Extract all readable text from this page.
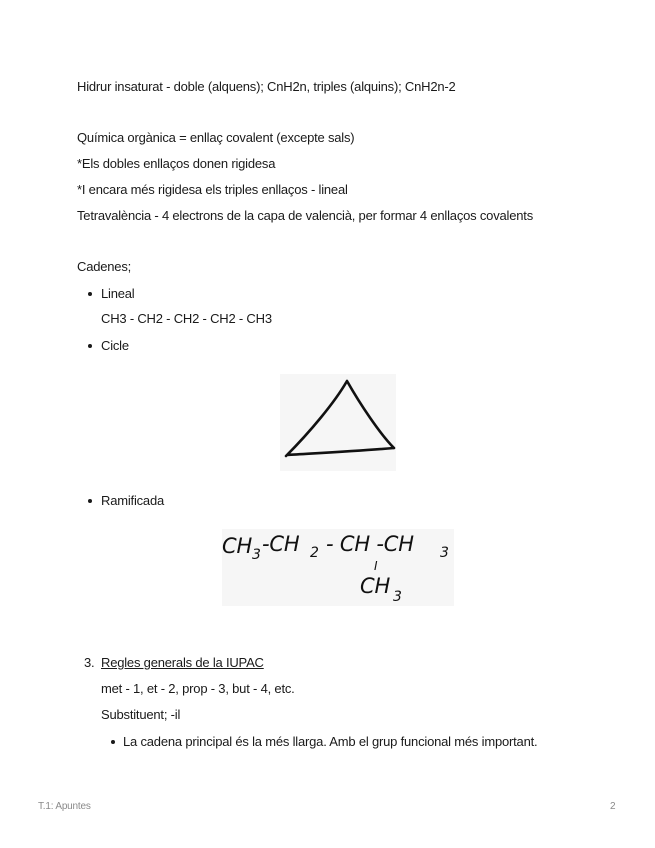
Hidrur insaturat - doble (alquens); CnH2n, triples (alquins); CnH2n-2
Química orgànica = enllaç covalent (excepte sals)
*Els dobles enllaços donen rigidesa
*I encara més rigidesa els triples enllaços - lineal
Tetravalència - 4 electrons de la capa de valencià, per formar 4 enllaços covalents
Cadenes;
Lineal
CH3 - CH2 - CH2 - CH2 - CH3
Cicle
Ramificada
CH 3 -CH 2 - CH -CH 3
I
CH 3
3. Regles generals de la IUPAC
met - 1, et - 2, prop - 3, but - 4, etc.
Substituent; -il
La cadena principal és la més llarga. Amb el grup funcional més important.
T.1: Apuntes	2
